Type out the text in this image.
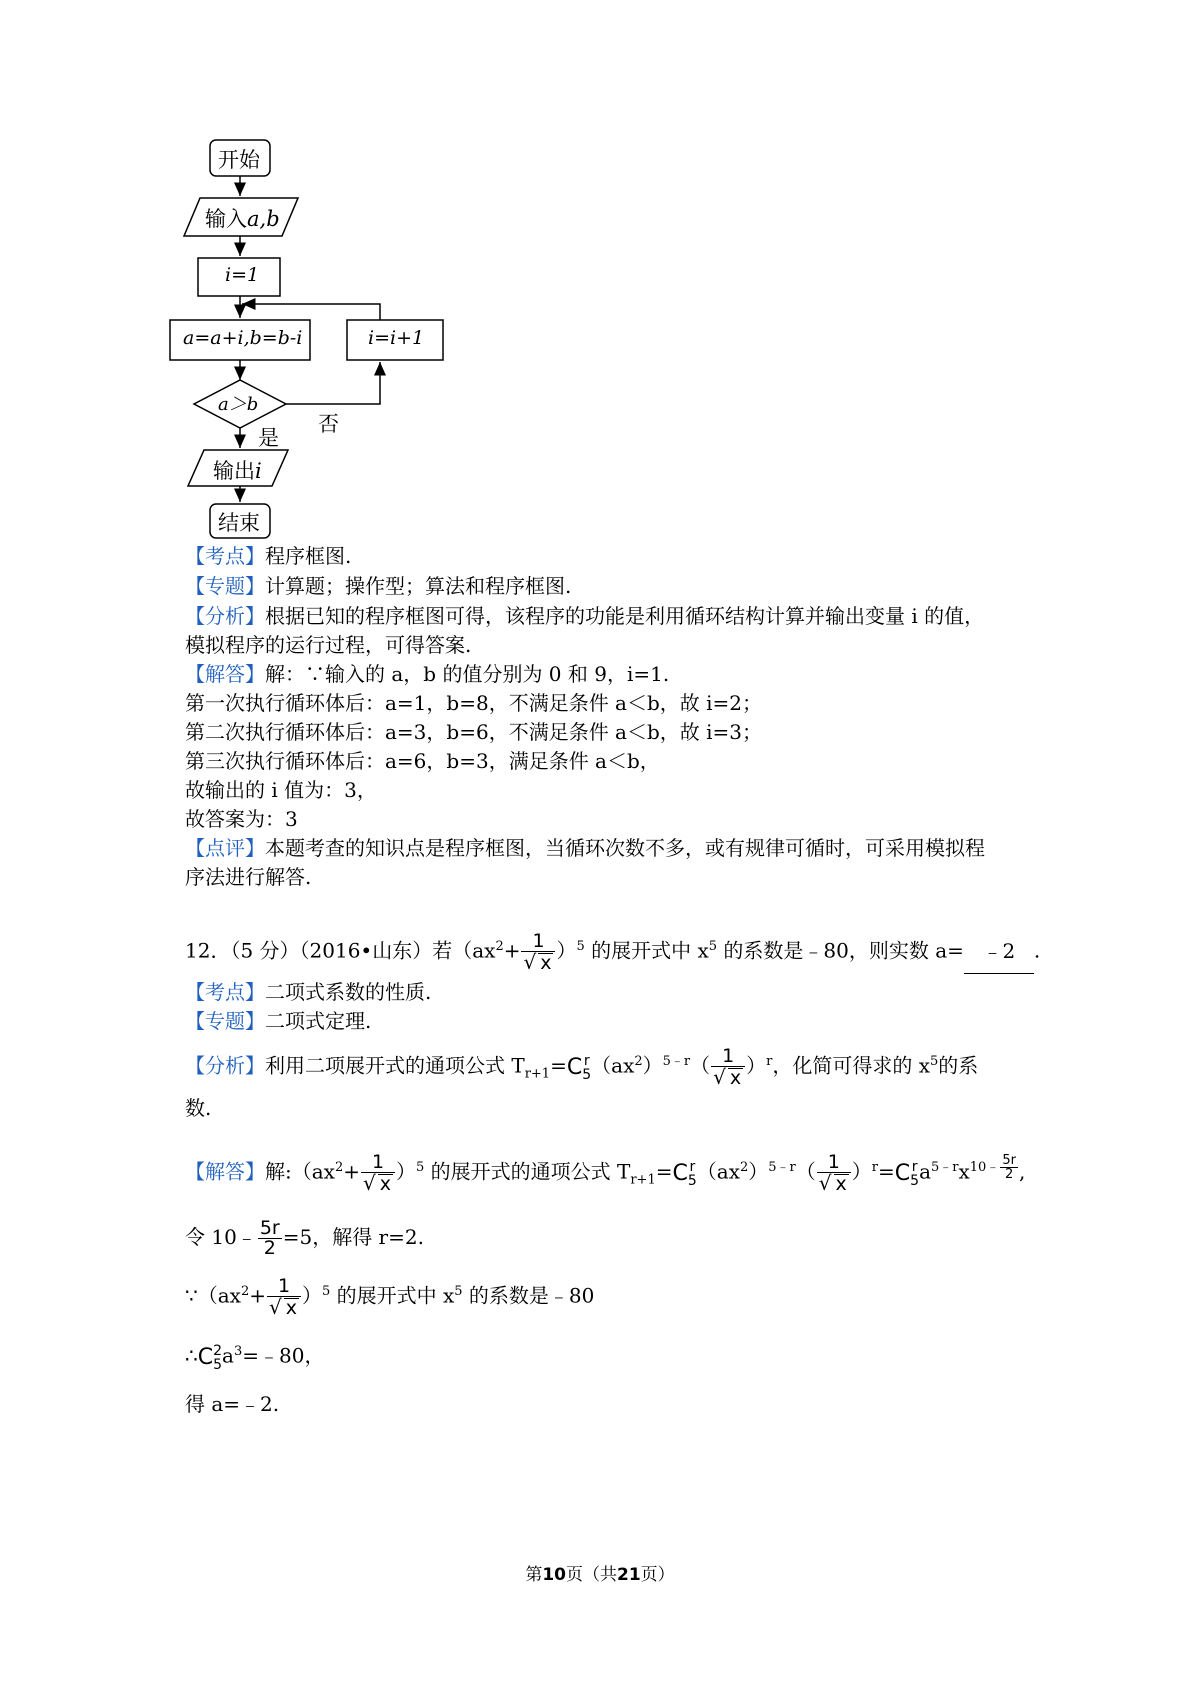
开始
输入a,b
i=1
a=a+i,b=b-i	i=i+1
a＞b
否
是
输出i
结束
【考点】程序框图.
【专题】计算题；操作型；算法和程序框图.
【分析】根据已知的程序框图可得，该程序的功能是利用循环结构计算并输出变量 i 的值，
模拟程序的运行过程，可得答案.
【解答】解：∵输入的 a，b 的值分别为 0 和 9，i=1.
第一次执行循环体后：a=1，b=8，不满足条件 a＜b，故 i=2；
第二次执行循环体后：a=3，b=6，不满足条件 a＜b，故 i=3；
第三次执行循环体后：a=6，b=3，满足条件 a＜b，
故输出的 i 值为：3，
故答案为：3
【点评】本题考查的知识点是程序框图，当循环次数不多，或有规律可循时，可采用模拟程
序法进行解答.
12．（5 分）（2016•山东）若$(ax^2+ \frac{1}{√ x} )^5$ 的展开式中 $x^5$ 的系数是﹣80，则实数 a= ﹣2 .
【考点】二项式系数的性质.
【专题】二项式定理.
【分析】利用二项展开式的通项公式 $T_{r+1}=C$ r
5 $(ax^2)^{5﹣r}( \frac{1}{√ x} )^r$，化简可得求的 $x^5$的系
数.
【解答】解$:(ax^2+ \frac{1}{√ x} )^5$ 的展开式的通项公式 $T_{r+1}=C$ r
5 $(ax^2)^{5﹣r}( \frac{1}{√ x} )^r=C$ r
5 $a^{5﹣r}x^{10﹣ \frac{5r}{2}}$ ,
令 10﹣ $\frac{5r}{2} =5$，解得 r=2.
$\because(ax^2+ \frac{1}{√ x} )^5$ 的展开式中 $x^5$ 的系数是﹣80
∴C 2
5 $a^3=﹣80$，
得 a=﹣2.
第10页（共21页）
